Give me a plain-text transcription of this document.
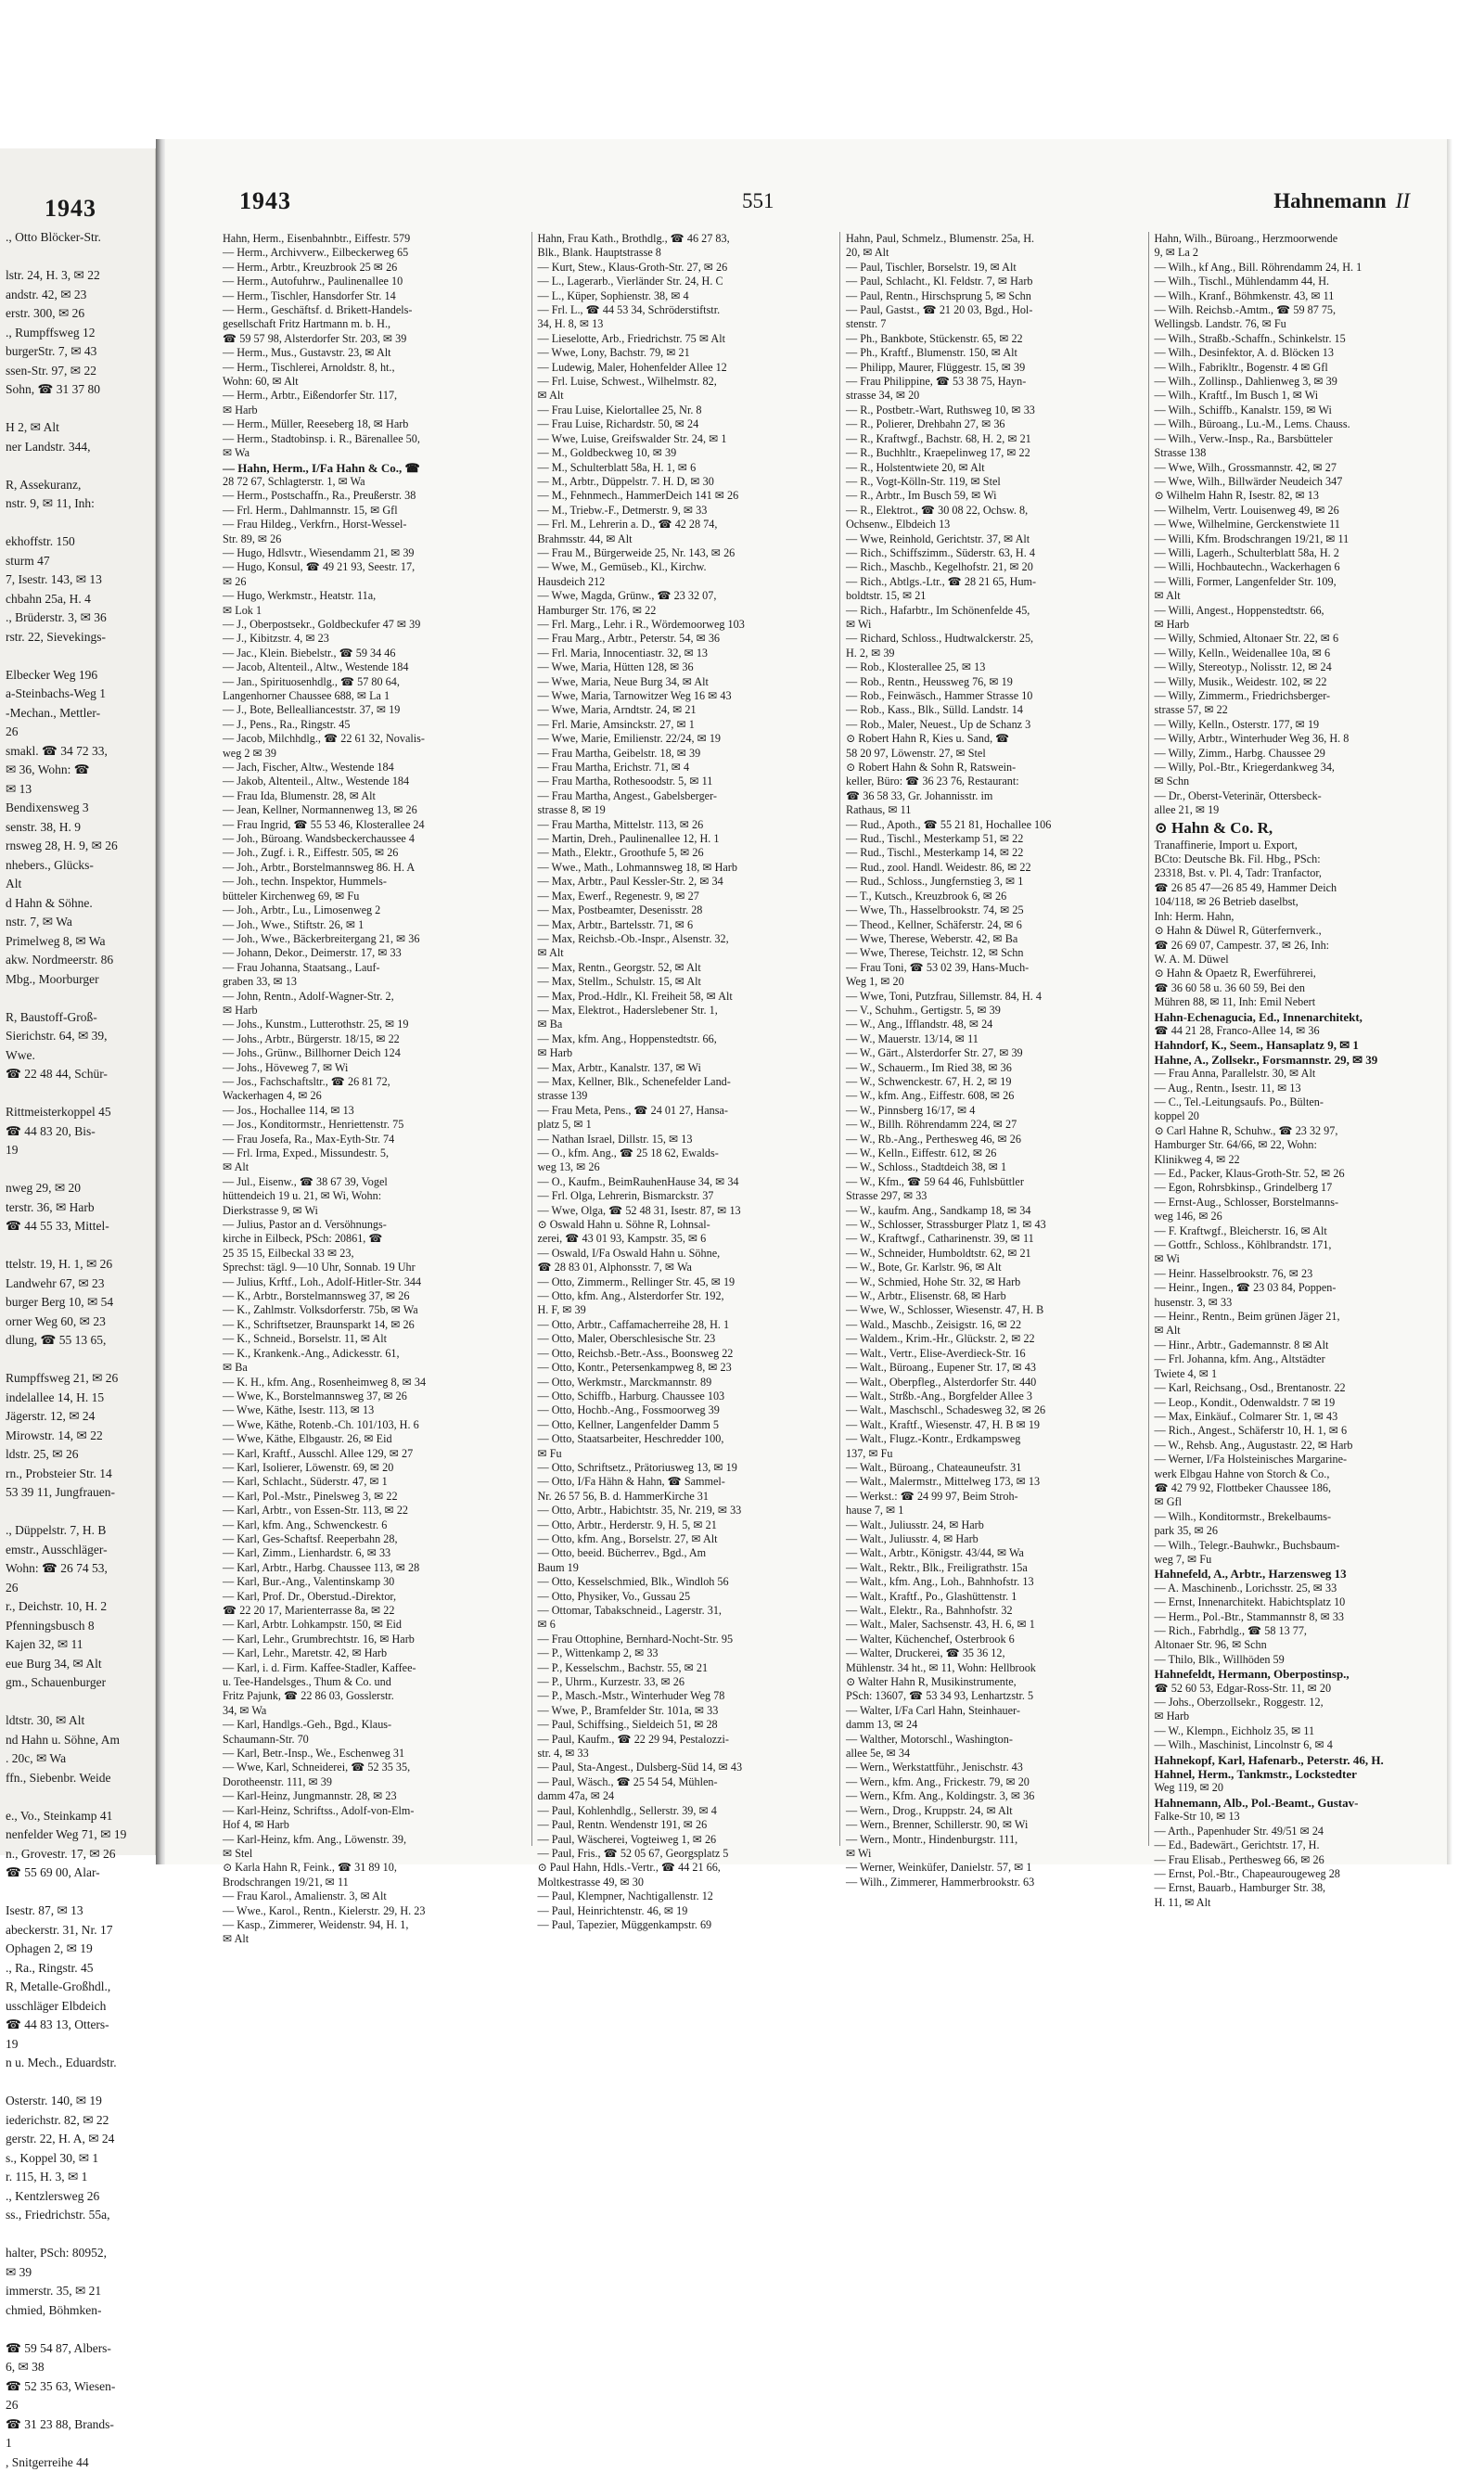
1943
., Otto Blöcker-Str.

lstr. 24, H. 3, ✉ 22
andstr. 42, ✉ 23
erstr. 300, ✉ 26
., Rumpffsweg 12
burgerStr. 7, ✉ 43
ssen-Str. 97, ✉ 22
Sohn, ☎ 31 37 80

H 2, ✉ Alt
ner Landstr. 344,

R, Assekuranz,
nstr. 9, ✉ 11, Inh:

ekhoffstr. 150
sturm 47
7, Isestr. 143, ✉ 13
chbahn 25a, H. 4
., Brüderstr. 3, ✉ 36
rstr. 22, Sievekings-

Elbecker Weg 196
a-Steinbachs-Weg 1
-Mechan., Mettler-
26
smakl. ☎ 34 72 33,
✉ 36, Wohn: ☎
✉ 13
Bendixensweg 3
senstr. 38, H. 9
rnsweg 28, H. 9, ✉ 26
nhebers., Glücks-
Alt
d Hahn & Söhne.
nstr. 7, ✉ Wa
Primelweg 8, ✉ Wa
akw. Nordmeerstr. 86
Mbg., Moorburger

R, Baustoff-Groß-
Sierichstr. 64, ✉ 39,
Wwe.
☎ 22 48 44, Schür-

Rittmeisterkoppel 45
☎ 44 83 20, Bis-
19

nweg 29, ✉ 20
terstr. 36, ✉ Harb
☎ 44 55 33, Mittel-

ttelstr. 19, H. 1, ✉ 26
Landwehr 67, ✉ 23
burger Berg 10, ✉ 54
orner Weg 60, ✉ 23
dlung, ☎ 55 13 65,

Rumpffsweg 21, ✉ 26
indelallee 14, H. 15
Jägerstr. 12, ✉ 24
Mirowstr. 14, ✉ 22
ldstr. 25, ✉ 26
rn., Probsteier Str. 14
53 39 11, Jungfrauen-

., Düppelstr. 7, H. B
emstr., Ausschläger-
Wohn: ☎ 26 74 53,
26
r., Deichstr. 10, H. 2
Pfenningsbusch 8
Kajen 32, ✉ 11
eue Burg 34, ✉ Alt
gm., Schauenburger

ldtstr. 30, ✉ Alt
nd Hahn u. Söhne, Am
. 20c, ✉ Wa
ffn., Siebenbr. Weide

e., Vo., Steinkamp 41
nenfelder Weg 71, ✉ 19
n., Grovestr. 17, ✉ 26
☎ 55 69 00, Alar-

Isestr. 87, ✉ 13
abeckerstr. 31, Nr. 17
Ophagen 2, ✉ 19
., Ra., Ringstr. 45
R, Metalle-Großhdl.,
usschläger Elbdeich
☎ 44 83 13, Otters-
19
n u. Mech., Eduardstr.

Osterstr. 140, ✉ 19
iederichstr. 82, ✉ 22
gerstr. 22, H. A, ✉ 24
s., Koppel 30, ✉ 1
r. 115, H. 3, ✉ 1
., Kentzlersweg 26
ss., Friedrichstr. 55a,

halter, PSch: 80952,
✉ 39
immerstr. 35, ✉ 21
chmied, Böhmken-

☎ 59 54 87, Albers-
6, ✉ 38
☎ 52 35 63, Wiesen-
26
☎ 31 23 88, Brands-
1
, Snitgerreihe 44
1943	551	Hahnemann II
Hahn, Herm., Eisenbahnbtr., Eiffestr. 579
— Herm., Archivverw., Eilbeckerweg 65
— Herm., Arbtr., Kreuzbrook 25 ✉ 26
— Herm., Autofuhrw., Paulinenallee 10
— Herm., Tischler, Hansdorfer Str. 14
— Herm., Geschäftsf. d. Brikett-Handels-
gesellschaft Fritz Hartmann m. b. H.,
☎ 59 57 98, Alsterdorfer Str. 203, ✉ 39
— Herm., Mus., Gustavstr. 23, ✉ Alt
— Herm., Tischlerei, Arnoldstr. 8, ht.,
Wohn: 60, ✉ Alt
— Herm., Arbtr., Eißendorfer Str. 117,
✉ Harb
— Herm., Müller, Reeseberg 18, ✉ Harb
— Herm., Stadtobinsp. i. R., Bärenallee 50,
✉ Wa
— Hahn, Herm., I/Fa Hahn & Co., ☎
28 72 67, Schlagterstr. 1, ✉ Wa
— Herm., Postschaffn., Ra., Preußerstr. 38
— Frl. Herm., Dahlmannstr. 15, ✉ Gfl
— Frau Hildeg., Verkfrn., Horst-Wessel-
Str. 89, ✉ 26
— Hugo, Hdlsvtr., Wiesendamm 21, ✉ 39
— Hugo, Konsul, ☎ 49 21 93, Seestr. 17,
✉ 26
— Hugo, Werkmstr., Heatstr. 11a,
✉ Lok 1
— J., Oberpostsekr., Goldbeckufer 47 ✉ 39
— J., Kibitzstr. 4, ✉ 23
— Jac., Klein. Biebelstr., ☎ 59 34 46
— Jacob, Altenteil., Altw., Westende 184
— Jan., Spirituosenhdlg., ☎ 57 80 64,
Langenhorner Chaussee 688, ✉ La 1
— J., Bote, Belleallianceststr. 37, ✉ 19
— J., Pens., Ra., Ringstr. 45
— Jacob, Milchhdlg., ☎ 22 61 32, Novalis-
weg 2 ✉ 39
— Jach, Fischer, Altw., Westende 184
— Jakob, Altenteil., Altw., Westende 184
— Frau Ida, Blumenstr. 28, ✉ Alt
— Jean, Kellner, Normannenweg 13, ✉ 26
— Frau Ingrid, ☎ 55 53 46, Klosterallee 24
— Joh., Büroang. Wandsbeckerchaussee 4
— Joh., Zugf. i. R., Eiffestr. 505, ✉ 26
— Joh., Arbtr., Borstelmannsweg 86. H. A
— Joh., techn. Inspektor, Hummels-
bütteler Kirchenweg 69, ✉ Fu
— Joh., Arbtr., Lu., Limosenweg 2
— Joh., Wwe., Stiftstr. 26, ✉ 1
— Joh., Wwe., Bäckerbreitergang 21, ✉ 36
— Johann, Dekor., Deimerstr. 17, ✉ 33
— Frau Johanna, Staatsang., Lauf-
graben 33, ✉ 13
— John, Rentn., Adolf-Wagner-Str. 2,
✉ Harb
— Johs., Kunstm., Lutterothstr. 25, ✉ 19
— Johs., Arbtr., Bürgerstr. 18/15, ✉ 22
— Johs., Grünw., Billhorner Deich 124
— Johs., Höveweg 7, ✉ Wi
— Jos., Fachschaftsltr., ☎ 26 81 72,
Wackerhagen 4, ✉ 26
— Jos., Hochallee 114, ✉ 13
— Jos., Konditormstr., Henriettenstr. 75
— Frau Josefa, Ra., Max-Eyth-Str. 74
— Frl. Irma, Exped., Missundestr. 5,
✉ Alt
— Jul., Eisenw., ☎ 38 67 39, Vogel
hüttendeich 19 u. 21, ✉ Wi, Wohn:
Dierkstrasse 9, ✉ Wi
— Julius, Pastor an d. Versöhnungs-
kirche in Eilbeck, PSch: 20861, ☎
25 35 15, Eilbeckal 33 ✉ 23,
Sprechst: tägl. 9—10 Uhr, Sonnab. 19 Uhr
— Julius, Krftf., Loh., Adolf-Hitler-Str. 344
— K., Arbtr., Borstelmannsweg 37, ✉ 26
— K., Zahlmstr. Volksdorferstr. 75b, ✉ Wa
— K., Schriftsetzer, Braunsparkt 14, ✉ 26
— K., Schneid., Borselstr. 11, ✉ Alt
— K., Krankenk.-Ang., Adickesstr. 61,
✉ Ba
— K. H., kfm. Ang., Rosenheimweg 8, ✉ 34
— Wwe, K., Borstelmannsweg 37, ✉ 26
— Wwe, Käthe, Isestr. 113, ✉ 13
— Wwe, Käthe, Rotenb.-Ch. 101/103, H. 6
— Wwe, Käthe, Elbgaustr. 26, ✉ Eid
— Karl, Kraftf., Ausschl. Allee 129, ✉ 27
— Karl, Isolierer, Löwenstr. 69, ✉ 20
— Karl, Schlacht., Süderstr. 47, ✉ 1
— Karl, Pol.-Mstr., Pinelsweg 3, ✉ 22
— Karl, Arbtr., von Essen-Str. 113, ✉ 22
— Karl, kfm. Ang., Schwenckestr. 6
— Karl, Ges-Schaftsf. Reeperbahn 28,
— Karl, Zimm., Lienhardstr. 6, ✉ 33
— Karl, Arbtr., Harbg. Chaussee 113, ✉ 28
— Karl, Bur.-Ang., Valentinskamp 30
— Karl, Prof. Dr., Oberstud.-Direktor,
☎ 22 20 17, Marienterrasse 8a, ✉ 22
— Karl, Arbtr. Lohkampstr. 150, ✉ Eid
— Karl, Lehr., Grumbrechtstr. 16, ✉ Harb
— Karl, Lehr., Maretstr. 42, ✉ Harb
— Karl, i. d. Firm. Kaffee-Stadler, Kaffee-
u. Tee-Handelsges., Thum & Co. und
Fritz Pajunk, ☎ 22 86 03, Gosslerstr.
34, ✉ Wa
— Karl, Handlgs.-Geh., Bgd., Klaus-
Schaumann-Str. 70
— Karl, Betr.-Insp., We., Eschenweg 31
— Wwe, Karl, Schneiderei, ☎ 52 35 35,
Dorotheenstr. 111, ✉ 39
— Karl-Heinz, Jungmannstr. 28, ✉ 23
— Karl-Heinz, Schriftss., Adolf-von-Elm-
Hof 4, ✉ Harb
— Karl-Heinz, kfm. Ang., Löwenstr. 39,
✉ Stel
⊙ Karla Hahn R, Feink., ☎ 31 89 10,
Brodschrangen 19/21, ✉ 11
— Frau Karol., Amalienstr. 3, ✉ Alt
— Wwe., Karol., Rentn., Kielerstr. 29, H. 23
— Kasp., Zimmerer, Weidenstr. 94, H. 1,
✉ Alt
Hahn, Frau Kath., Brothdlg., ☎ 46 27 83,
Blk., Blank. Hauptstrasse 8
— Kurt, Stew., Klaus-Groth-Str. 27, ✉ 26
— L., Lagerarb., Vierländer Str. 24, H. C
— L., Küper, Sophienstr. 38, ✉ 4
— Frl. L., ☎ 44 53 34, Schröderstiftstr.
34, H. 8, ✉ 13
— Lieselotte, Arb., Friedrichstr. 75 ✉ Alt
— Wwe, Lony, Bachstr. 79, ✉ 21
— Ludewig, Maler, Hohenfelder Allee 12
— Frl. Luise, Schwest., Wilhelmstr. 82,
✉ Alt
— Frau Luise, Kielortallee 25, Nr. 8
— Frau Luise, Richardstr. 50, ✉ 24
— Wwe, Luise, Greifswalder Str. 24, ✉ 1
— M., Goldbeckweg 10, ✉ 39
— M., Schulterblatt 58a, H. 1, ✉ 6
— M., Arbtr., Düppelstr. 7. H. D, ✉ 30
— M., Fehnmech., HammerDeich 141 ✉ 26
— M., Triebw.-F., Detmerstr. 9, ✉ 33
— Frl. M., Lehrerin a. D., ☎ 42 28 74,
Brahmsstr. 44, ✉ Alt
— Frau M., Bürgerweide 25, Nr. 143, ✉ 26
— Wwe, M., Gemüseb., Kl., Kirchw.
Hausdeich 212
— Wwe, Magda, Grünw., ☎ 23 32 07,
Hamburger Str. 176, ✉ 22
— Frl. Marg., Lehr. i R., Wördemoorweg 103
— Frau Marg., Arbtr., Peterstr. 54, ✉ 36
— Frl. Maria, Innocentiastr. 32, ✉ 13
— Wwe, Maria, Hütten 128, ✉ 36
— Wwe, Maria, Neue Burg 34, ✉ Alt
— Wwe, Maria, Tarnowitzer Weg 16 ✉ 43
— Wwe, Maria, Arndtstr. 24, ✉ 21
— Frl. Marie, Amsinckstr. 27, ✉ 1
— Wwe, Marie, Emilienstr. 22/24, ✉ 19
— Frau Martha, Geibelstr. 18, ✉ 39
— Frau Martha, Erichstr. 71, ✉ 4
— Frau Martha, Rothesoodstr. 5, ✉ 11
— Frau Martha, Angest., Gabelsberger-
strasse 8, ✉ 19
— Frau Martha, Mittelstr. 113, ✉ 26
— Martin, Dreh., Paulinenallee 12, H. 1
— Math., Elektr., Groothufe 5, ✉ 26
— Wwe., Math., Lohmannsweg 18, ✉ Harb
— Max, Arbtr., Paul Kessler-Str. 2, ✉ 34
— Max, Ewerf., Regenestr. 9, ✉ 27
— Max, Postbeamter, Desenisstr. 28
— Max, Arbtr., Bartelsstr. 71, ✉ 6
— Max, Reichsb.-Ob.-Inspr., Alsenstr. 32,
✉ Alt
— Max, Rentn., Georgstr. 52, ✉ Alt
— Max, Stellm., Schulstr. 15, ✉ Alt
— Max, Prod.-Hdlr., Kl. Freiheit 58, ✉ Alt
— Max, Elektrot., Haderslebener Str. 1,
✉ Ba
— Max, kfm. Ang., Hoppenstedtstr. 66,
✉ Harb
— Max, Arbtr., Kanalstr. 137, ✉ Wi
— Max, Kellner, Blk., Schenefelder Land-
strasse 139
— Frau Meta, Pens., ☎ 24 01 27, Hansa-
platz 5, ✉ 1
— Nathan Israel, Dillstr. 15, ✉ 13
— O., kfm. Ang., ☎ 25 18 62, Ewalds-
weg 13, ✉ 26
— O., Kaufm., BeimRauhenHause 34, ✉ 34
— Frl. Olga, Lehrerin, Bismarckstr. 37
— Wwe, Olga, ☎ 52 48 31, Isestr. 87, ✉ 13
⊙ Oswald Hahn u. Söhne R, Lohnsal-
zerei, ☎ 43 01 93, Kampstr. 35, ✉ 6
— Oswald, I/Fa Oswald Hahn u. Söhne,
☎ 28 83 01, Alphonsstr. 7, ✉ Wa
— Otto, Zimmerm., Rellinger Str. 45, ✉ 19
— Otto, kfm. Ang., Alsterdorfer Str. 192,
H. F, ✉ 39
— Otto, Arbtr., Caffamacherreihe 28, H. 1
— Otto, Maler, Oberschlesische Str. 23
— Otto, Reichsb.-Betr.-Ass., Boonsweg 22
— Otto, Kontr., Petersenkampweg 8, ✉ 23
— Otto, Werkmstr., Marckmannstr. 89
— Otto, Schiffb., Harburg. Chaussee 103
— Otto, Hochb.-Ang., Fossmoorweg 39
— Otto, Kellner, Langenfelder Damm 5
— Otto, Staatsarbeiter, Heschredder 100,
✉ Fu
— Otto, Schriftsetz., Prätoriusweg 13, ✉ 19
— Otto, I/Fa Hähn & Hahn, ☎ Sammel-
Nr. 26 57 56, B. d. HammerKirche 31
— Otto, Arbtr., Habichtstr. 35, Nr. 219, ✉ 33
— Otto, Arbtr., Herderstr. 9, H. 5, ✉ 21
— Otto, kfm. Ang., Borselstr. 27, ✉ Alt
— Otto, beeid. Bücherrev., Bgd., Am
Baum 19
— Otto, Kesselschmied, Blk., Windloh 56
— Otto, Physiker, Vo., Gussau 25
— Ottomar, Tabakschneid., Lagerstr. 31,
✉ 6
— Frau Ottophine, Bernhard-Nocht-Str. 95
— P., Wittenkamp 2, ✉ 33
— P., Kesselschm., Bachstr. 55, ✉ 21
— P., Uhrm., Kurzestr. 33, ✉ 26
— P., Masch.-Mstr., Winterhuder Weg 78
— Wwe, P., Bramfelder Str. 101a, ✉ 33
— Paul, Schiffsing., Sieldeich 51, ✉ 28
— Paul, Kaufm., ☎ 22 29 94, Pestalozzi-
str. 4, ✉ 33
— Paul, Sta-Angest., Dulsberg-Süd 14, ✉ 43
— Paul, Wäsch., ☎ 25 54 54, Mühlen-
damm 47a, ✉ 24
— Paul, Kohlenhdlg., Sellerstr. 39, ✉ 4
— Paul, Rentn. Wendenstr 191, ✉ 26
— Paul, Wäscherei, Vogteiweg 1, ✉ 26
— Paul, Fris., ☎ 52 05 67, Georgsplatz 5
⊙ Paul Hahn, Hdls.-Vertr., ☎ 44 21 66,
Moltkestrasse 49, ✉ 30
— Paul, Klempner, Nachtigallenstr. 12
— Paul, Heinrichtenstr. 46, ✉ 19
— Paul, Tapezier, Müggenkampstr. 69
Hahn, Paul, Schmelz., Blumenstr. 25a, H.
20, ✉ Alt
— Paul, Tischler, Borselstr. 19, ✉ Alt
— Paul, Schlacht., Kl. Feldstr. 7, ✉ Harb
— Paul, Rentn., Hirschsprung 5, ✉ Schn
— Paul, Gastst., ☎ 21 20 03, Bgd., Hol-
stenstr. 7
— Ph., Bankbote, Stückenstr. 65, ✉ 22
— Ph., Kraftf., Blumenstr. 150, ✉ Alt
— Philipp, Maurer, Flüggestr. 15, ✉ 39
— Frau Philippine, ☎ 53 38 75, Hayn-
strasse 34, ✉ 20
— R., Postbetr.-Wart, Ruthsweg 10, ✉ 33
— R., Polierer, Drehbahn 27, ✉ 36
— R., Kraftwgf., Bachstr. 68, H. 2, ✉ 21
— R., Buchhltr., Kraepelinweg 17, ✉ 22
— R., Holstentwiete 20, ✉ Alt
— R., Vogt-Kölln-Str. 119, ✉ Stel
— R., Arbtr., Im Busch 59, ✉ Wi
— R., Elektrot., ☎ 30 08 22, Ochsw. 8,
Ochsenw., Elbdeich 13
— Wwe, Reinhold, Gerichtstr. 37, ✉ Alt
— Rich., Schiffszimm., Süderstr. 63, H. 4
— Rich., Maschb., Kegelhofstr. 21, ✉ 20
— Rich., Abtlgs.-Ltr., ☎ 28 21 65, Hum-
boldtstr. 15, ✉ 21
— Rich., Hafarbtr., Im Schönenfelde 45,
✉ Wi
— Richard, Schloss., Hudtwalckerstr. 25,
H. 2, ✉ 39
— Rob., Klosterallee 25, ✉ 13
— Rob., Rentn., Heussweg 76, ✉ 19
— Rob., Feinwäsch., Hammer Strasse 10
— Rob., Kass., Blk., Sülld. Landstr. 14
— Rob., Maler, Neuest., Up de Schanz 3
⊙ Robert Hahn R, Kies u. Sand, ☎
58 20 97, Löwenstr. 27, ✉ Stel
⊙ Robert Hahn & Sohn R, Ratswein-
keller, Büro: ☎ 36 23 76, Restaurant:
☎ 36 58 33, Gr. Johannisstr. im
Rathaus, ✉ 11
— Rud., Apoth., ☎ 55 21 81, Hochallee 106
— Rud., Tischl., Mesterkamp 51, ✉ 22
— Rud., Tischl., Mesterkamp 14, ✉ 22
— Rud., zool. Handl. Weidestr. 86, ✉ 22
— Rud., Schloss., Jungfernstieg 3, ✉ 1
— T., Kutsch., Kreuzbrook 6, ✉ 26
— Wwe, Th., Hasselbrookstr. 74, ✉ 25
— Theod., Kellner, Schäferstr. 24, ✉ 6
— Wwe, Therese, Weberstr. 42, ✉ Ba
— Wwe, Therese, Teichstr. 12, ✉ Schn
— Frau Toni, ☎ 53 02 39, Hans-Much-
Weg 1, ✉ 20
— Wwe, Toni, Putzfrau, Sillemstr. 84, H. 4
— V., Schuhm., Gertigstr. 5, ✉ 39
— W., Ang., Ifflandstr. 48, ✉ 24
— W., Mauerstr. 13/14, ✉ 11
— W., Gärt., Alsterdorfer Str. 27, ✉ 39
— W., Schauerm., Im Ried 38, ✉ 36
— W., Schwenckestr. 67, H. 2, ✉ 19
— W., kfm. Ang., Eiffestr. 608, ✉ 26
— W., Pinnsberg 16/17, ✉ 4
— W., Billh. Röhrendamm 224, ✉ 27
— W., Rb.-Ang., Perthesweg 46, ✉ 26
— W., Kelln., Eiffestr. 612, ✉ 26
— W., Schloss., Stadtdeich 38, ✉ 1
— W., Kfm., ☎ 59 64 46, Fuhlsbüttler
Strasse 297, ✉ 33
— W., kaufm. Ang., Sandkamp 18, ✉ 34
— W., Schlosser, Strassburger Platz 1, ✉ 43
— W., Kraftwgf., Catharinenstr. 39, ✉ 11
— W., Schneider, Humboldtstr. 62, ✉ 21
— W., Bote, Gr. Karlstr. 96, ✉ Alt
— W., Schmied, Hohe Str. 32, ✉ Harb
— W., Arbtr., Elisenstr. 68, ✉ Harb
— Wwe, W., Schlosser, Wiesenstr. 47, H. B
— Wald., Maschb., Zeisigstr. 16, ✉ 22
— Waldem., Krim.-Hr., Glückstr. 2, ✉ 22
— Walt., Vertr., Elise-Averdieck-Str. 16
— Walt., Büroang., Eupener Str. 17, ✉ 43
— Walt., Oberpfleg., Alsterdorfer Str. 440
— Walt., Strßb.-Ang., Borgfelder Allee 3
— Walt., Maschschl., Schadesweg 32, ✉ 26
— Walt., Kraftf., Wiesenstr. 47, H. B ✉ 19
— Walt., Flugz.-Kontr., Erdkampsweg
137, ✉ Fu
— Walt., Büroang., Chateauneufstr. 31
— Walt., Malermstr., Mittelweg 173, ✉ 13
— Werkst.: ☎ 24 99 97, Beim Stroh-
hause 7, ✉ 1
— Walt., Juliusstr. 24, ✉ Harb
— Walt., Juliusstr. 4, ✉ Harb
— Walt., Arbtr., Königstr. 43/44, ✉ Wa
— Walt., Rektr., Blk., Freiligrathstr. 15a
— Walt., kfm. Ang., Loh., Bahnhofstr. 13
— Walt., Kraftf., Po., Glashüttenstr. 1
— Walt., Elektr., Ra., Bahnhofstr. 32
— Walt., Maler, Sachsenstr. 43, H. 6, ✉ 1
— Walter, Küchenchef, Osterbrook 6
— Walter, Druckerei, ☎ 35 36 12,
Mühlenstr. 34 ht., ✉ 11, Wohn: Hellbrook
⊙ Walter Hahn R, Musikinstrumente,
PSch: 13607, ☎ 53 34 93, Lenhartzstr. 5
— Walter, I/Fa Carl Hahn, Steinhauer-
damm 13, ✉ 24
— Walther, Motorschl., Washington-
allee 5e, ✉ 34
— Wern., Werkstattführ., Jenischstr. 43
— Wern., kfm. Ang., Frickestr. 79, ✉ 20
— Wern., Kfm. Ang., Koldingstr. 3, ✉ 36
— Wern., Drog., Kruppstr. 24, ✉ Alt
— Wern., Brenner, Schillerstr. 90, ✉ Wi
— Wern., Montr., Hindenburgstr. 111,
✉ Wi
— Werner, Weinküfer, Danielstr. 57, ✉ 1
— Wilh., Zimmerer, Hammerbrookstr. 63
Hahn, Wilh., Büroang., Herzmoorwende
9, ✉ La 2
— Wilh., kf Ang., Bill. Röhrendamm 24, H. 1
— Wilh., Tischl., Mühlendamm 44, H.
— Wilh., Kranf., Böhmkenstr. 43, ✉ 11
— Wilh. Reichsb.-Amtm., ☎ 59 87 75,
Wellingsb. Landstr. 76, ✉ Fu
— Wilh., Straßb.-Schaffn., Schinkelstr. 15
— Wilh., Desinfektor, A. d. Blöcken 13
— Wilh., Fabrikltr., Bogenstr. 4 ✉ Gfl
— Wilh., Zollinsp., Dahlienweg 3, ✉ 39
— Wilh., Kraftf., Im Busch 1, ✉ Wi
— Wilh., Schiffb., Kanalstr. 159, ✉ Wi
— Wilh., Büroang., Lu.-M., Lems. Chauss.
— Wilh., Verw.-Insp., Ra., Barsbütteler
Strasse 138
— Wwe, Wilh., Grossmannstr. 42, ✉ 27
— Wwe, Wilh., Billwärder Neudeich 347
⊙ Wilhelm Hahn R, Isestr. 82, ✉ 13
— Wilhelm, Vertr. Louisenweg 49, ✉ 26
— Wwe, Wilhelmine, Gerckenstwiete 11
— Willi, Kfm. Brodschrangen 19/21, ✉ 11
— Willi, Lagerh., Schulterblatt 58a, H. 2
— Willi, Hochbautechn., Wackerhagen 6
— Willi, Former, Langenfelder Str. 109,
✉ Alt
— Willi, Angest., Hoppenstedtstr. 66,
✉ Harb
— Willy, Schmied, Altonaer Str. 22, ✉ 6
— Willy, Kelln., Weidenallee 10a, ✉ 6
— Willy, Stereotyp., Nolisstr. 12, ✉ 24
— Willy, Musik., Weidestr. 102, ✉ 22
— Willy, Zimmerm., Friedrichsberger-
strasse 57, ✉ 22
— Willy, Kelln., Osterstr. 177, ✉ 19
— Willy, Arbtr., Winterhuder Weg 36, H. 8
— Willy, Zimm., Harbg. Chaussee 29
— Willy, Pol.-Btr., Kriegerdankweg 34,
✉ Schn
— Dr., Oberst-Veterinär, Ottersbeck-
allee 21, ✉ 19
⊙ Hahn & Co. R,
Tranaffinerie, Import u. Export,
BCto: Deutsche Bk. Fil. Hbg., PSch:
23318, Bst. v. Pl. 4, Tadr: Tranfactor,
☎ 26 85 47—26 85 49, Hammer Deich
104/118, ✉ 26 Betrieb daselbst,
Inh: Herm. Hahn,
⊙ Hahn & Düwel R, Güterfernverk.,
☎ 26 69 07, Campestr. 37, ✉ 26, Inh:
W. A. M. Düwel
⊙ Hahn & Opaetz R, Ewerführerei,
☎ 36 60 58 u. 36 60 59, Bei den
Mühren 88, ✉ 11, Inh: Emil Nebert
Hahn-Echenagucia, Ed., Innenarchitekt,
☎ 44 21 28, Franco-Allee 14, ✉ 36
Hahndorf, K., Seem., Hansaplatz 9, ✉ 1
Hahne, A., Zollsekr., Forsmannstr. 29, ✉ 39
— Frau Anna, Parallelstr. 30, ✉ Alt
— Aug., Rentn., Isestr. 11, ✉ 13
— C., Tel.-Leitungsaufs. Po., Bülten-
koppel 20
⊙ Carl Hahne R, Schuhw., ☎ 23 32 97,
Hamburger Str. 64/66, ✉ 22, Wohn:
Klinikweg 4, ✉ 22
— Ed., Packer, Klaus-Groth-Str. 52, ✉ 26
— Egon, Rohrsbkinsp., Grindelberg 17
— Ernst-Aug., Schlosser, Borstelmanns-
weg 146, ✉ 26
— F. Kraftwgf., Bleicherstr. 16, ✉ Alt
— Gottfr., Schloss., Köhlbrandstr. 171,
✉ Wi
— Heinr. Hasselbrookstr. 76, ✉ 23
— Heinr., Ingen., ☎ 23 03 84, Poppen-
husenstr. 3, ✉ 33
— Heinr., Rentn., Beim grünen Jäger 21,
✉ Alt
— Hinr., Arbtr., Gademannstr. 8 ✉ Alt
— Frl. Johanna, kfm. Ang., Altstädter
Twiete 4, ✉ 1
— Karl, Reichsang., Osd., Brentanostr. 22
— Leop., Kondit., Odenwaldstr. 7 ✉ 19
— Max, Einkäuf., Colmarer Str. 1, ✉ 43
— Rich., Angest., Schäferstr 10, H. 1, ✉ 6
— W., Rehsb. Ang., Augustastr. 22, ✉ Harb
— Werner, I/Fa Holsteinisches Margarine-
werk Elbgau Hahne von Storch & Co.,
☎ 42 79 92, Flottbeker Chaussee 186,
✉ Gfl
— Wilh., Konditormstr., Brekelbaums-
park 35, ✉ 26
— Wilh., Telegr.-Bauhwkr., Buchsbaum-
weg 7, ✉ Fu
Hahnefeld, A., Arbtr., Harzensweg 13
— A. Maschinenb., Lorichsstr. 25, ✉ 33
— Ernst, Innenarchitekt. Habichtsplatz 10
— Herm., Pol.-Btr., Stammannstr 8, ✉ 33
— Rich., Fabrhdlg., ☎ 58 13 77,
Altonaer Str. 96, ✉ Schn
— Thilo, Blk., Willhöden 59
Hahnefeldt, Hermann, Oberpostinsp.,
☎ 52 60 53, Edgar-Ross-Str. 11, ✉ 20
— Johs., Oberzollsekr., Roggestr. 12,
✉ Harb
— W., Klempn., Eichholz 35, ✉ 11
— Wilh., Maschinist, Lincolnstr 6, ✉ 4
Hahnekopf, Karl, Hafenarb., Peterstr. 46, H.
Hahnel, Herm., Tankmstr., Lockstedter
Weg 119, ✉ 20
Hahnemann, Alb., Pol.-Beamt., Gustav-
Falke-Str 10, ✉ 13
— Arth., Papenhuder Str. 49/51 ✉ 24
— Ed., Badewärt., Gerichtstr. 17, H.
— Frau Elisab., Perthesweg 66, ✉ 26
— Ernst, Pol.-Btr., Chapeaurougeweg 28
— Ernst, Bauarb., Hamburger Str. 38,
H. 11, ✉ Alt
